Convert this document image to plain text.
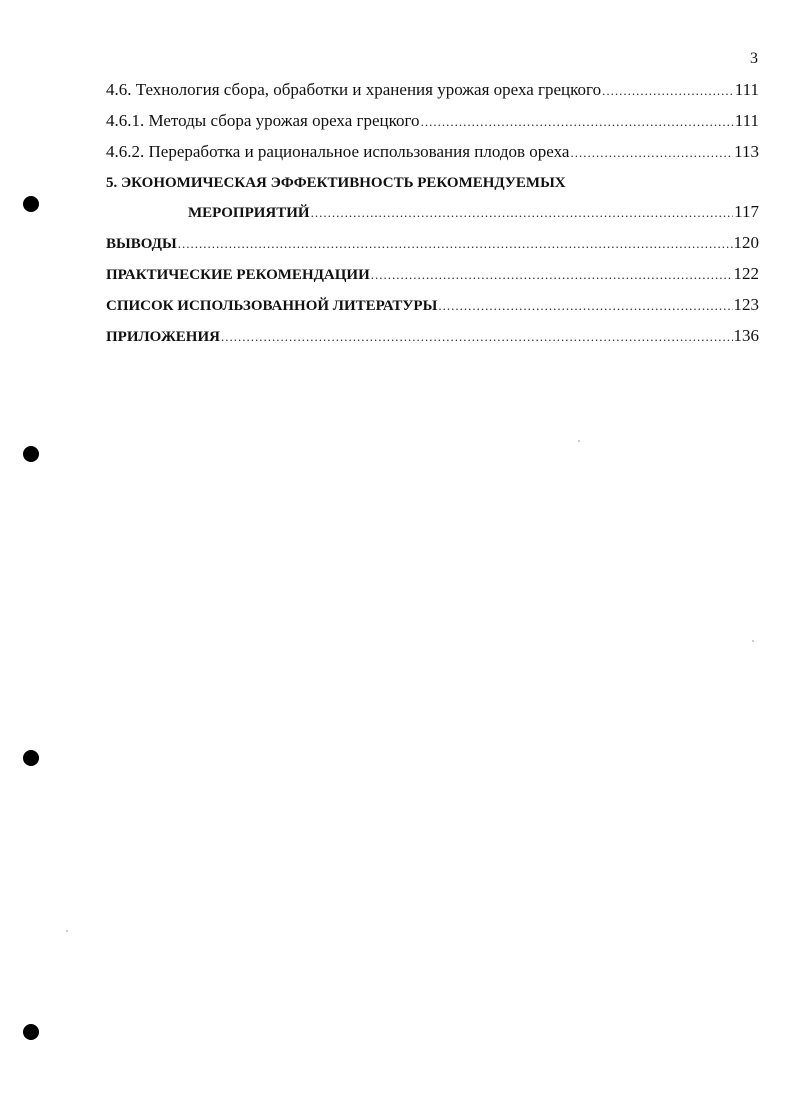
3
4.6. Технология сбора, обработки и хранения урожая ореха грецкого .....	111
4.6.1. Методы сбора урожая ореха грецкого .....	111
4.6.2. Переработка и рациональное использования плодов ореха .....	113
5. ЭКОНОМИЧЕСКАЯ ЭФФЕКТИВНОСТЬ РЕКОМЕНДУЕМЫХ
МЕРОПРИЯТИЙ .....	117
ВЫВОДЫ .....	120
ПРАКТИЧЕСКИЕ РЕКОМЕНДАЦИИ .....	122
СПИСОК ИСПОЛЬЗОВАННОЙ ЛИТЕРАТУРЫ .....	123
ПРИЛОЖЕНИЯ .....	136
